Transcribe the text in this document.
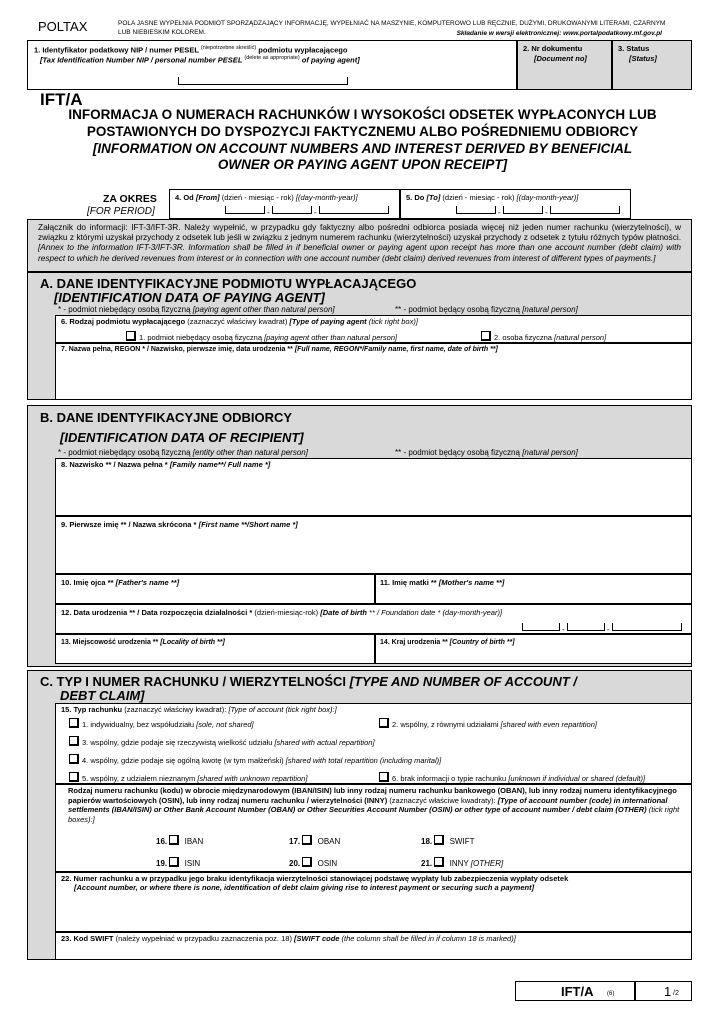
POLTAX	POLA JASNE WYPEŁNIA PODMIOT SPORZĄDZAJĄCY INFORMACJĘ, WYPEŁNIAĆ NA MASZYNIE, KOMPUTEROWO LUB RĘCZNIE, DUŻYMI, DRUKOWANYMI LITERAMI, CZARNYM LUB NIEBIESKIM KOLOREM.	Składanie w wersji elektronicznej: www.portalpodatkowy.mf.gov.pl
1. Identyfikator podatkowy NIP / numer PESEL $^{(niepotrzebne skreślić)}$ podmiotu wypłacającego
[Tax Identification Number NIP / personal number PESEL $^{(delete as appropriate)}$ of paying agent]
2. Nr dokumentu
[Document no]
3. Status
[Status]
IFT/A
INFORMACJA O NUMERACH RACHUNKÓW I WYSOKOŚCI ODSETEK WYPŁACONYCH LUB
POSTAWIONYCH DO DYSPOZYCJI FAKTYCZNEMU ALBO POŚREDNIEMU ODBIORCY
[INFORMATION ON ACCOUNT NUMBERS AND INTEREST DERIVED BY BENEFICIAL
OWNER OR PAYING AGENT UPON RECEIPT]
ZA OKRES
[FOR PERIOD]
4. Od [From] (dzień - miesiąc - rok) [(day-month-year)]
-	-
5. Do [To] (dzień - miesiąc - rok) [(day-month-year)]
-	-
Załącznik do informacji: IFT-3/IFT-3R. Należy wypełnić, w przypadku gdy faktyczny albo pośredni odbiorca posiada więcej niż jeden numer rachunku (wierzytelności), w związku z którymi uzyskał przychody z odsetek lub jeśli w związku z jednym numerem rachunku (wierzytelności) uzyskał przychody z odsetek z tytułu różnych typów płatności. [Annex to the information IFT-3/IFT-3R. Information shall be filled in if beneficial owner or paying agent upon receipt has more than one account number (debt claim) with respect to which he derived revenues from interest or in connection with one account number (debt claim) derived revenues from interest of different types of payments.]
A. DANE IDENTYFIKACYJNE PODMIOTU WYPŁACAJĄCEGO
[IDENTIFICATION DATA OF PAYING AGENT]
* - podmiot niebędący osobą fizyczną [paying agent other than natural person]	** - podmiot będący osobą fizyczną [natural person]
6. Rodzaj podmiotu wypłacającego (zaznaczyć właściwy kwadrat) [Type of paying agent (tick right box)]
1. podmiot niebędący osobą fizyczną [paying agent other than natural person]	2. osoba fizyczna [natural person]
7. Nazwa pełna, REGON * / Nazwisko, pierwsze imię, data urodzenia ** [Full name, REGON*/Family name, first name, date of birth **]
B. DANE IDENTYFIKACYJNE ODBIORCY
[IDENTIFICATION DATA OF RECIPIENT]
* - podmiot niebędący osobą fizyczną [entity other than natural person]	** - podmiot będący osobą fizyczną [natural person]
8. Nazwisko ** / Nazwa pełna * [Family name**/ Full name *]
9. Pierwsze imię ** / Nazwa skrócona * [First name **/Short name *]
10. Imię ojca ** [Father's name **]	11. Imię matki ** [Mother's name **]
12. Data urodzenia ** / Data rozpoczęcia działalności * (dzień-miesiąc-rok) [Date of birth ** / Foundation date * (day-month-year)]
-	-
13. Miejscowość urodzenia ** [Locality of birth **]	14. Kraj urodzenia ** [Country of birth **]
C. TYP I NUMER RACHUNKU / WIERZYTELNOŚCI [TYPE AND NUMBER OF ACCOUNT /
DEBT CLAIM]
15. Typ rachunku (zaznaczyć właściwy kwadrat): [Type of account (tick right box):]
1. indywidualny, bez współudziału [sole, not shared]	2. wspólny, z równymi udziałami [shared with even repartition]
3. wspólny, gdzie podaje się rzeczywistą wielkość udziału [shared with actual repartition]
4. wspólny, gdzie podaje się ogólną kwotę (w tym małżeński) [shared with total repartition (including marital)]
5. wspólny, z udziałem nieznanym [shared with unknown repartition]	6. brak informacji o typie rachunku [unknown if individual or shared (default)]
Rodzaj numeru rachunku (kodu) w obrocie międzynarodowym (IBAN/ISIN) lub inny rodzaj numeru rachunku bankowego (OBAN), lub inny rodzaj numeru identyfikacyjnego papierów wartościowych (OSIN), lub inny rodzaj numeru rachunku / wierzytelności (INNY) (zaznaczyć właściwe kwadraty): [Type of account number (code) in international settlements (IBAN/ISIN) or Other Bank Account Number (OBAN) or Other Securities Account Number (OSIN) or other type of account number / debt claim (OTHER) (tick right boxes):]
16. IBAN	17. OBAN	18. SWIFT
19. ISIN	20. OSIN	21. INNY [OTHER]
22. Numer rachunku a w przypadku jego braku identyfikacja wierzytelności stanowiącej podstawę wypłaty lub zabezpieczenia wypłaty odsetek
[Account number, or where there is none, identification of debt claim giving rise to interest payment or securing such a payment]
23. Kod SWIFT (należy wypełniać w przypadku zaznaczenia poz. 18) [SWIFT code (the column shall be filled in if column 18 is marked)]
IFT/A (6)	1 /2
